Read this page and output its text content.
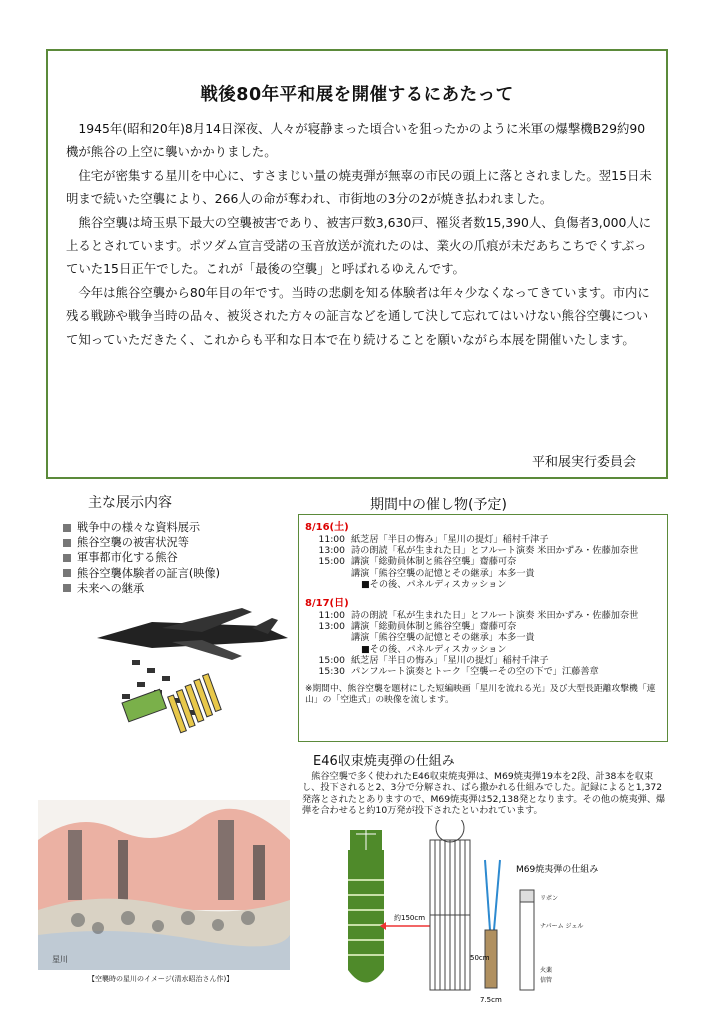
戦後80年平和展を開催するにあたって

1945年(昭和20年)8月14日深夜、人々が寝静まった頃合いを狙ったかのように米軍の爆撃機B29約90機が熊谷の上空に襲いかかりました。

住宅が密集する星川を中心に、すさまじい量の焼夷弾が無辜の市民の頭上に落とされました。翌15日未明まで続いた空襲により、266人の命が奪われ、市街地の3分の2が焼き払われました。

熊谷空襲は埼玉県下最大の空襲被害であり、被害戸数3,630戸、罹災者数15,390人、負傷者3,000人に上るとされています。ポツダム宣言受諾の玉音放送が流れたのは、業火の爪痕が未だあちこちでくすぶっていた15日正午でした。これが「最後の空襲」と呼ばれるゆえんです。

今年は熊谷空襲から80年目の年です。当時の悲劇を知る体験者は年々少なくなってきています。市内に残る戦跡や戦争当時の品々、被災された方々の証言などを通して決して忘れてはいけない熊谷空襲について知っていただきたく、これからも平和な日本で在り続けることを願いながら本展を開催いたします。

平和展実行委員会
主な展示内容
戦争中の様々な資料展示
熊谷空襲の被害状況等
軍事都市化する熊谷
熊谷空襲体験者の証言(映像)
未来への継承
期間中の催し物(予定)
8/16(土)
11:00 紙芝居「半日の悔み」「星川の提灯」稲村千津子
13:00 詩の朗読「私が生まれた日」とフルート演奏 米田かずみ・佐藤加奈世
15:00 講演「総動員体制と熊谷空襲」齋藤可奈
講演「熊谷空襲の記憶とその継承」本多一貴
■その後、パネルディスカッション
8/17(日)
11:00 詩の朗読「私が生まれた日」とフルート演奏 米田かずみ・佐藤加奈世
13:00 講演「総動員体制と熊谷空襲」齋藤可奈
講演「熊谷空襲の記憶とその継承」本多一貴
■その後、パネルディスカッション
15:00 紙芝居「半日の悔み」「星川の提灯」稲村千津子
15:30 パンフルート演奏とトーク「空襲ーその空の下で」江藤善章
※期間中、熊谷空襲を題材にした短編映画「星川を流れる光」及び大型長距離攻撃機「連山」の「空進式」の映像を流します。
E46収束焼夷弾の仕組み

熊谷空襲で多く使われたE46収束焼夷弾は、M69焼夷弾19本を2段、計38本を収束し、投下されると2、3分で分解され、ばら撒かれる仕組みでした。記録によると1,372発落とされたとありますので、M69焼夷弾は52,138発となります。その他の焼夷弾、爆弾を合わせると約10万発が投下されたといわれています。

星川
【空襲時の星川のイメージ(清水昭治さん作)】
約150cm
M69焼夷弾の仕組み
50cm
7.5cm
リボン
ナパーム ジェル
火薬
信管
